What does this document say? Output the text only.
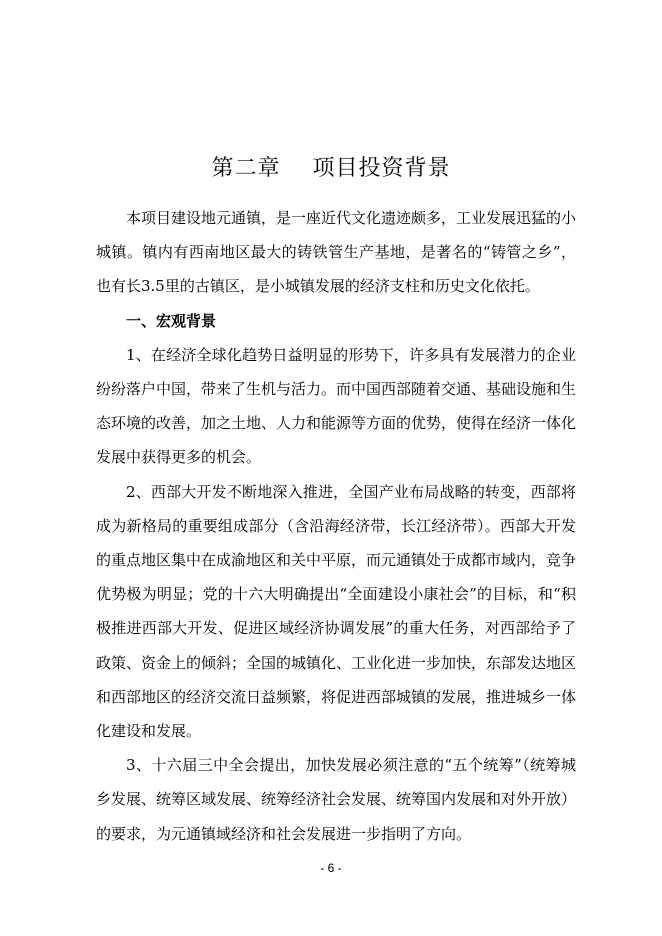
第二章    项目投资背景

本项目建设地元通镇，是一座近代文化遗迹颇多，工业发展迅猛的小城镇。镇内有西南地区最大的铸铁管生产基地，是著名的“铸管之乡”，也有长3.5里的古镇区，是小城镇发展的经济支柱和历史文化依托。

一、宏观背景

1、在经济全球化趋势日益明显的形势下，许多具有发展潜力的企业纷纷落户中国，带来了生机与活力。而中国西部随着交通、基础设施和生态环境的改善，加之土地、人力和能源等方面的优势，使得在经济一体化发展中获得更多的机会。

2、西部大开发不断地深入推进，全国产业布局战略的转变，西部将成为新格局的重要组成部分（含沿海经济带，长江经济带）。西部大开发的重点地区集中在成渝地区和关中平原，而元通镇处于成都市域内，竞争优势极为明显；党的十六大明确提出“全面建设小康社会”的目标，和“积极推进西部大开发、促进区域经济协调发展”的重大任务，对西部给予了政策、资金上的倾斜；全国的城镇化、工业化进一步加快，东部发达地区和西部地区的经济交流日益频繁，将促进西部城镇的发展，推进城乡一体化建设和发展。

3、十六届三中全会提出，加快发展必须注意的“五个统筹”（统筹城乡发展、统筹区域发展、统筹经济社会发展、统筹国内发展和对外开放）的要求，为元通镇域经济和社会发展进一步指明了方向。

- 6 -
